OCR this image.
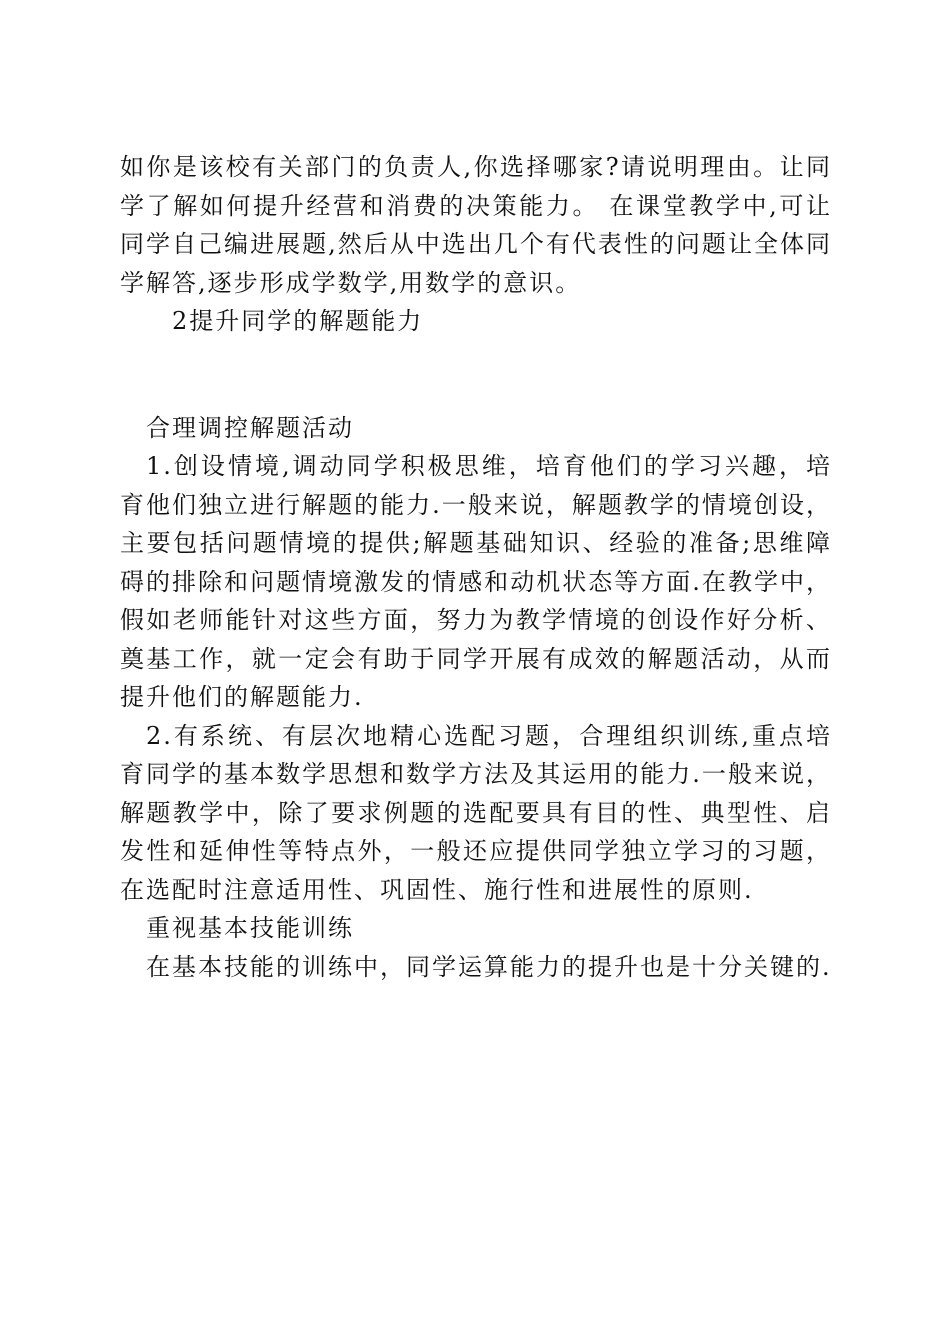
如你是该校有关部门的负责人,你选择哪家?请说明理由。让同学了解如何提升经营和消费的决策能力。 在课堂教学中,可让同学自己编进展题,然后从中选出几个有代表性的问题让全体同学解答,逐步形成学数学,用数学的意识。

2提升同学的解题能力

合理调控解题活动

1.创设情境,调动同学积极思维，培育他们的学习兴趣，培育他们独立进行解题的能力.一般来说，解题教学的情境创设，主要包括问题情境的提供;解题基础知识、经验的准备;思维障碍的排除和问题情境激发的情感和动机状态等方面.在教学中，假如老师能针对这些方面，努力为教学情境的创设作好分析、奠基工作，就一定会有助于同学开展有成效的解题活动，从而提升他们的解题能力.

2.有系统、有层次地精心选配习题，合理组织训练,重点培育同学的基本数学思想和数学方法及其运用的能力.一般来说，解题教学中，除了要求例题的选配要具有目的性、典型性、启发性和延伸性等特点外，一般还应提供同学独立学习的习题，在选配时注意适用性、巩固性、施行性和进展性的原则.

重视基本技能训练

在基本技能的训练中，同学运算能力的提升也是十分关键的.
